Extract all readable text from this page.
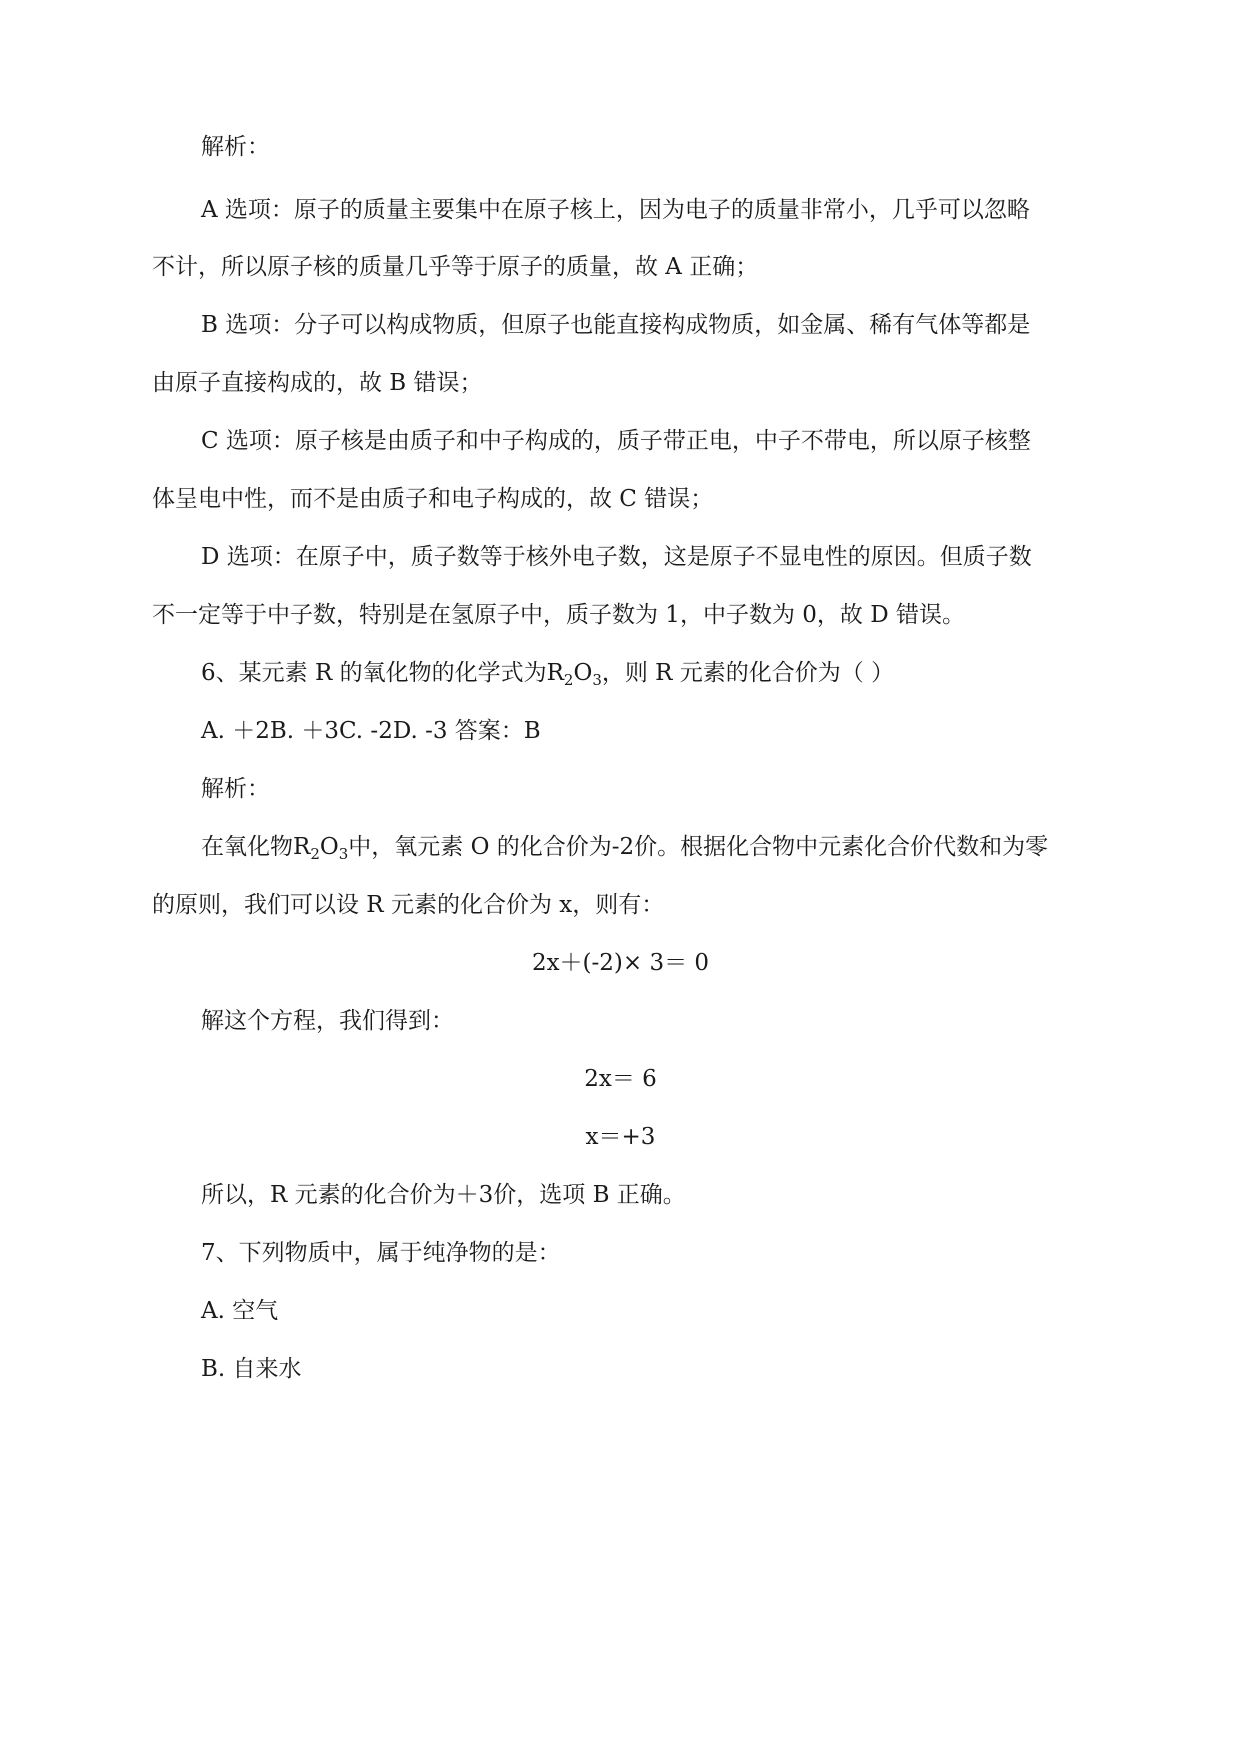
解析：
A 选项：原子的质量主要集中在原子核上，因为电子的质量非常小，几乎可以忽略
不计，所以原子核的质量几乎等于原子的质量，故 A 正确；
B 选项：分子可以构成物质，但原子也能直接构成物质，如金属、稀有气体等都是
由原子直接构成的，故 B 错误；
C 选项：原子核是由质子和中子构成的，质子带正电，中子不带电，所以原子核整
体呈电中性，而不是由质子和电子构成的，故 C 错误；
D 选项：在原子中，质子数等于核外电子数，这是原子不显电性的原因。但质子数
不一定等于中子数，特别是在氢原子中，质子数为 1，中子数为 0，故 D 错误。
6、某元素 R 的氧化物的化学式为$R_2O_3$，则 R 元素的化合价为（ ）
A. ＋2B. ＋3C. -2D. -3 答案：B
解析：
在氧化物$R_2O_3$中，氧元素 O 的化合价为-2价。根据化合物中元素化合价代数和为零
的原则，我们可以设 R 元素的化合价为 x，则有：
2x＋(-2)× 3＝ 0
解这个方程，我们得到：
2x＝ 6
x＝+3
所以，R 元素的化合价为＋3价，选项 B 正确。
7、下列物质中，属于纯净物的是：
A. 空气
B. 自来水
